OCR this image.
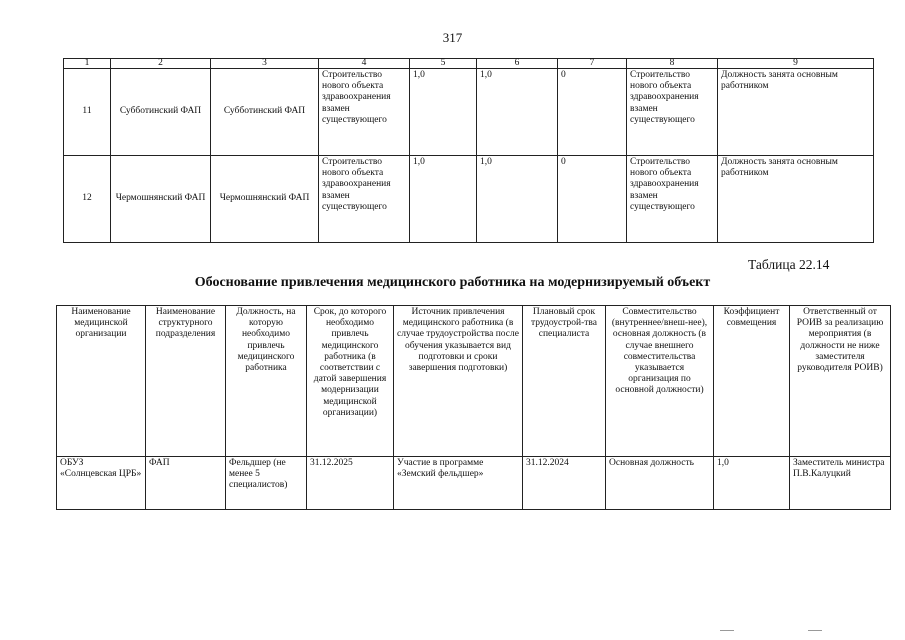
317
1	2	3	4	5	6	7	8	9
11	Субботинский ФАП	Субботинский ФАП	Строительство нового объекта здравоохранения взамен существующего	1,0	1,0	0	Строительство нового объекта здравоохранения взамен существующего	Должность занята основным работником
12	Чермошнянский ФАП	Чермошнянский ФАП	Строительство нового объекта здравоохранения взамен существующего	1,0	1,0	0	Строительство нового объекта здравоохранения взамен существующего	Должность занята основным работником
Таблица 22.14
Обоснование привлечения медицинского работника на модернизируемый объект
Наименование медицинской организации	Наименование структурного подразделения	Должность, на которую необходимо привлечь медицинского работника	Срок, до которого необходимо привлечь медицинского работника (в соответствии с датой завершения модернизации медицинской организации)	Источник привлечения медицинского работника (в случае трудоустройства после обучения указывается вид подготовки и сроки завершения подготовки)	Плановый срок трудоустрой-тва специалиста	Совместительство (внутреннее/внеш-нее), основная должность (в случае внешнего совместительства указывается организация по основной должности)	Коэффициент совмещения	Ответственный от РОИВ за реализацию мероприятия (в должности не ниже заместителя руководителя РОИВ)
ОБУЗ «Солнцевская ЦРБ»	ФАП	Фельдшер (не менее 5 специалистов)	31.12.2025	Участие в программе «Земский фельдшер»	31.12.2024	Основная должность	1,0	Заместитель министра П.В.Калуцкий
